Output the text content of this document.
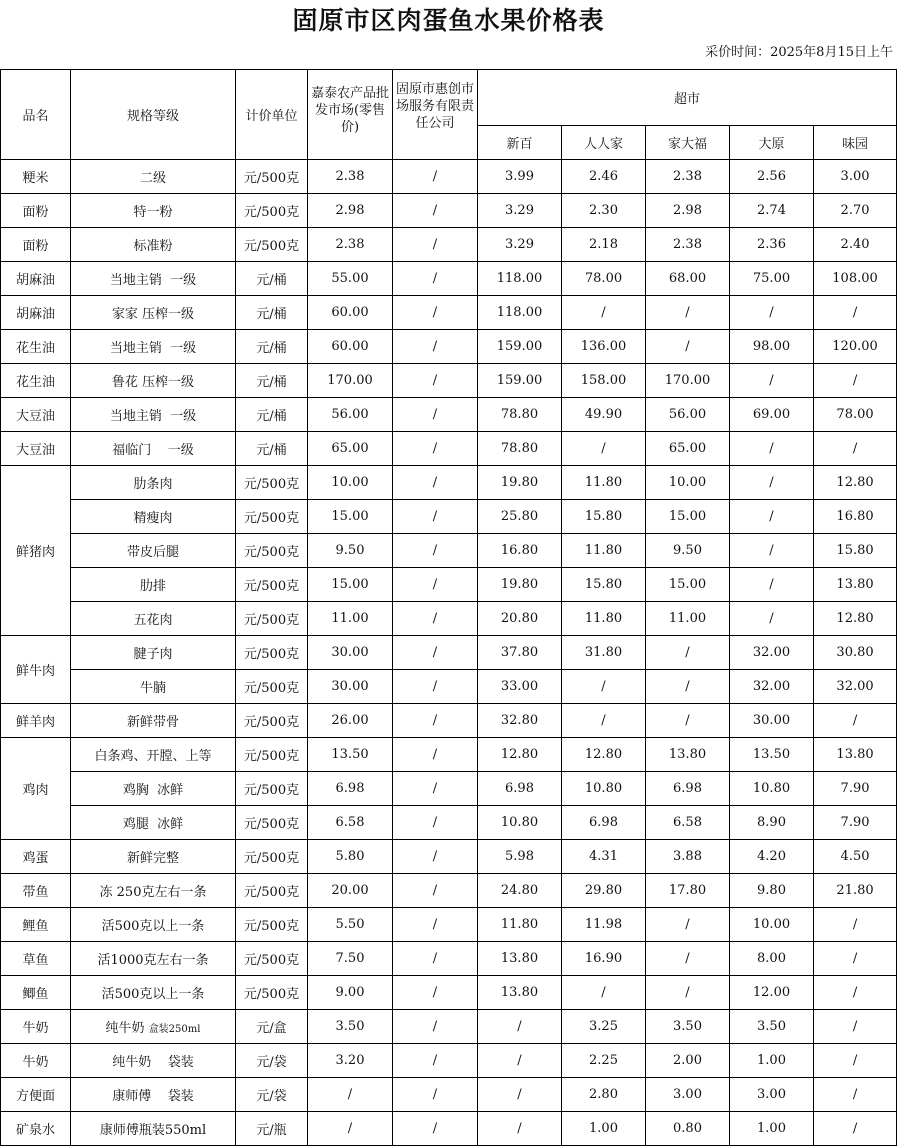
固原市区肉蛋鱼水果价格表
采价时间：2025年8月15日上午
品名	规格等级	计价单位	嘉泰农产品批发市场(零售价)	固原市惠创市场服务有限责任公司	超市				
					新百	人人家	家大福	大原	味园
粳米	二级	元/500克	2.38	/	3.99	2.46	2.38	2.56	3.00
面粉	特一粉	元/500克	2.98	/	3.29	2.30	2.98	2.74	2.70
面粉	标准粉	元/500克	2.38	/	3.29	2.18	2.38	2.36	2.40
胡麻油	当地主销  一级	元/桶	55.00	/	118.00	78.00	68.00	75.00	108.00
胡麻油	家家 压榨一级	元/桶	60.00	/	118.00	/	/	/	/
花生油	当地主销  一级	元/桶	60.00	/	159.00	136.00	/	98.00	120.00
花生油	鲁花 压榨一级	元/桶	170.00	/	159.00	158.00	170.00	/	/
大豆油	当地主销  一级	元/桶	56.00	/	78.80	49.90	56.00	69.00	78.00
大豆油	福临门    一级	元/桶	65.00	/	78.80	/	65.00	/	/
鲜猪肉	肋条肉	元/500克	10.00	/	19.80	11.80	10.00	/	12.80
	精瘦肉	元/500克	15.00	/	25.80	15.80	15.00	/	16.80
	带皮后腿	元/500克	9.50	/	16.80	11.80	9.50	/	15.80
	肋排	元/500克	15.00	/	19.80	15.80	15.00	/	13.80
	五花肉	元/500克	11.00	/	20.80	11.80	11.00	/	12.80
鲜牛肉	腱子肉	元/500克	30.00	/	37.80	31.80	/	32.00	30.80
	牛腩	元/500克	30.00	/	33.00	/	/	32.00	32.00
鲜羊肉	新鲜带骨	元/500克	26.00	/	32.80	/	/	30.00	/
鸡肉	白条鸡、开膛、上等	元/500克	13.50	/	12.80	12.80	13.80	13.50	13.80
	鸡胸  冰鲜	元/500克	6.98	/	6.98	10.80	6.98	10.80	7.90
	鸡腿  冰鲜	元/500克	6.58	/	10.80	6.98	6.58	8.90	7.90
鸡蛋	新鲜完整	元/500克	5.80	/	5.98	4.31	3.88	4.20	4.50
带鱼	冻 250克左右一条	元/500克	20.00	/	24.80	29.80	17.80	9.80	21.80
鲤鱼	活500克以上一条	元/500克	5.50	/	11.80	11.98	/	10.00	/
草鱼	活1000克左右一条	元/500克	7.50	/	13.80	16.90	/	8.00	/
鲫鱼	活500克以上一条	元/500克	9.00	/	13.80	/	/	12.00	/
牛奶	纯牛奶 盒装250ml	元/盒	3.50	/	/	3.25	3.50	3.50	/
牛奶	纯牛奶    袋装	元/袋	3.20	/	/	2.25	2.00	1.00	/
方便面	康师傅    袋装	元/袋	/	/	/	2.80	3.00	3.00	/
矿泉水	康师傅瓶装550ml	元/瓶	/	/	/	1.00	0.80	1.00	/
